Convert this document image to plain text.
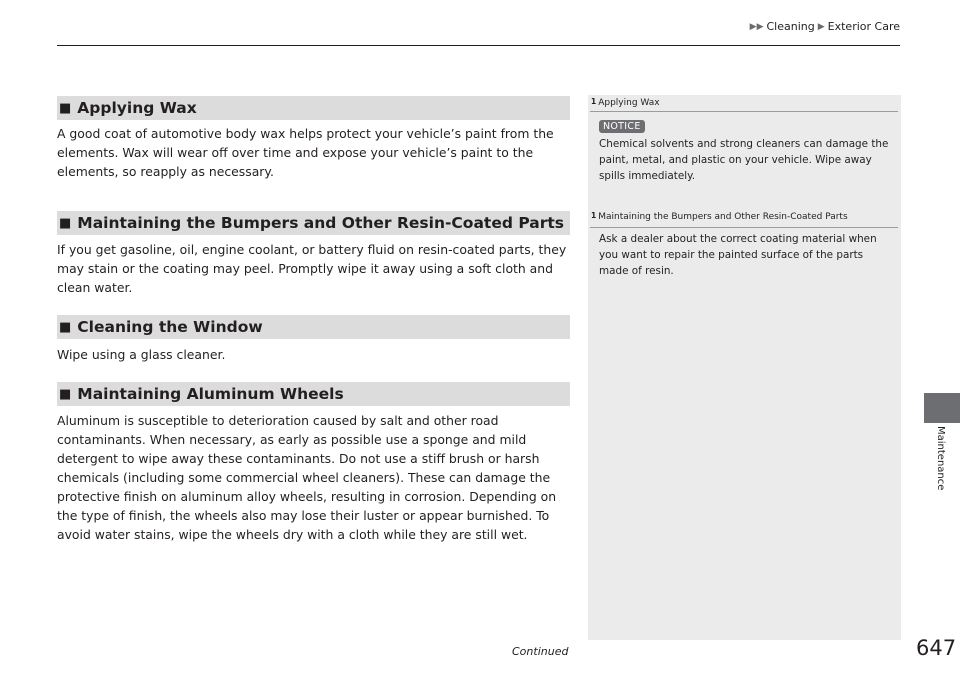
▶▶ Cleaning ▶ Exterior Care
■ Applying Wax
A good coat of automotive body wax helps protect your vehicle’s paint from the elements. Wax will wear off over time and expose your vehicle’s paint to the elements, so reapply as necessary.
■ Maintaining the Bumpers and Other Resin-Coated Parts
If you get gasoline, oil, engine coolant, or battery fluid on resin-coated parts, they may stain or the coating may peel. Promptly wipe it away using a soft cloth and clean water.
■ Cleaning the Window
Wipe using a glass cleaner.
■ Maintaining Aluminum Wheels
Aluminum is susceptible to deterioration caused by salt and other road contaminants. When necessary, as early as possible use a sponge and mild detergent to wipe away these contaminants. Do not use a stiff brush or harsh chemicals (including some commercial wheel cleaners). These can damage the protective finish on aluminum alloy wheels, resulting in corrosion. Depending on the type of finish, the wheels also may lose their luster or appear burnished. To avoid water stains, wipe the wheels dry with a cloth while they are still wet.
1 Applying Wax
NOTICE
Chemical solvents and strong cleaners can damage the paint, metal, and plastic on your vehicle. Wipe away spills immediately.
1 Maintaining the Bumpers and Other Resin-Coated Parts
Ask a dealer about the correct coating material when you want to repair the painted surface of the parts made of resin.
Maintenance
Continued	647
